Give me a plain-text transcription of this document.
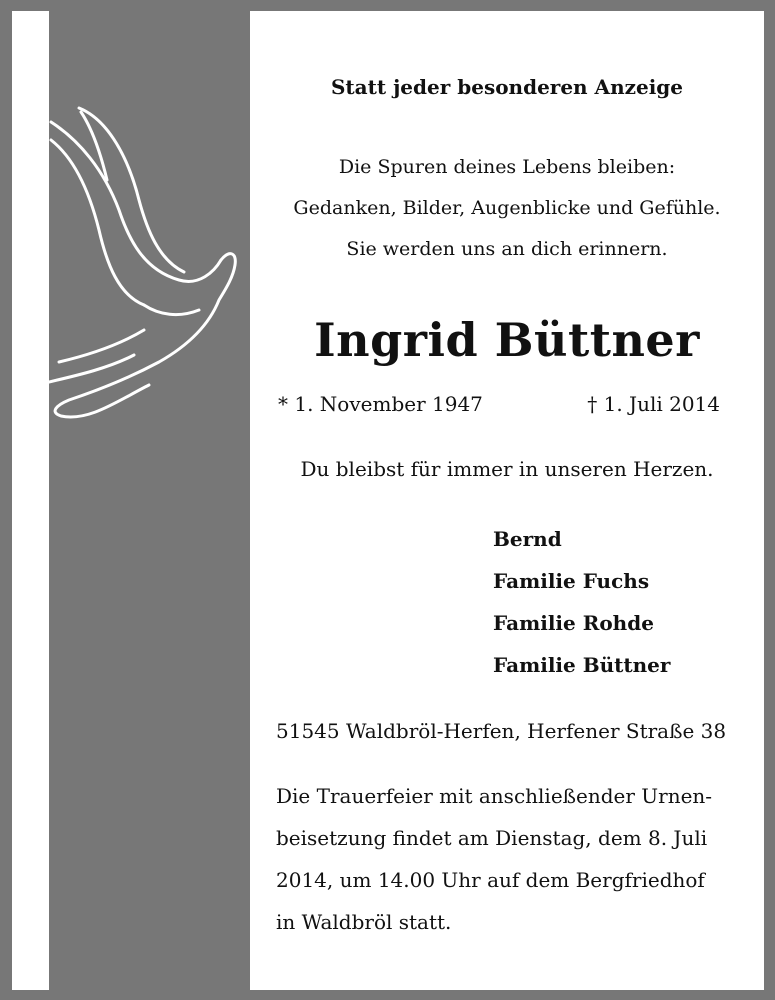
Statt jeder besonderen Anzeige
Die Spuren deines Lebens bleiben:
Gedanken, Bilder, Augenblicke und Gefühle.
Sie werden uns an dich erinnern.
Ingrid Büttner
* 1. November 1947	† 1. Juli 2014
Du bleibst für immer in unseren Herzen.
Bernd
Familie Fuchs
Familie Rohde
Familie Büttner
51545 Waldbröl-Herfen, Herfener Straße 38
Die Trauerfeier mit anschließender Urnen-
beisetzung findet am Dienstag, dem 8. Juli
2014, um 14.00 Uhr auf dem Bergfriedhof
in Waldbröl statt.
